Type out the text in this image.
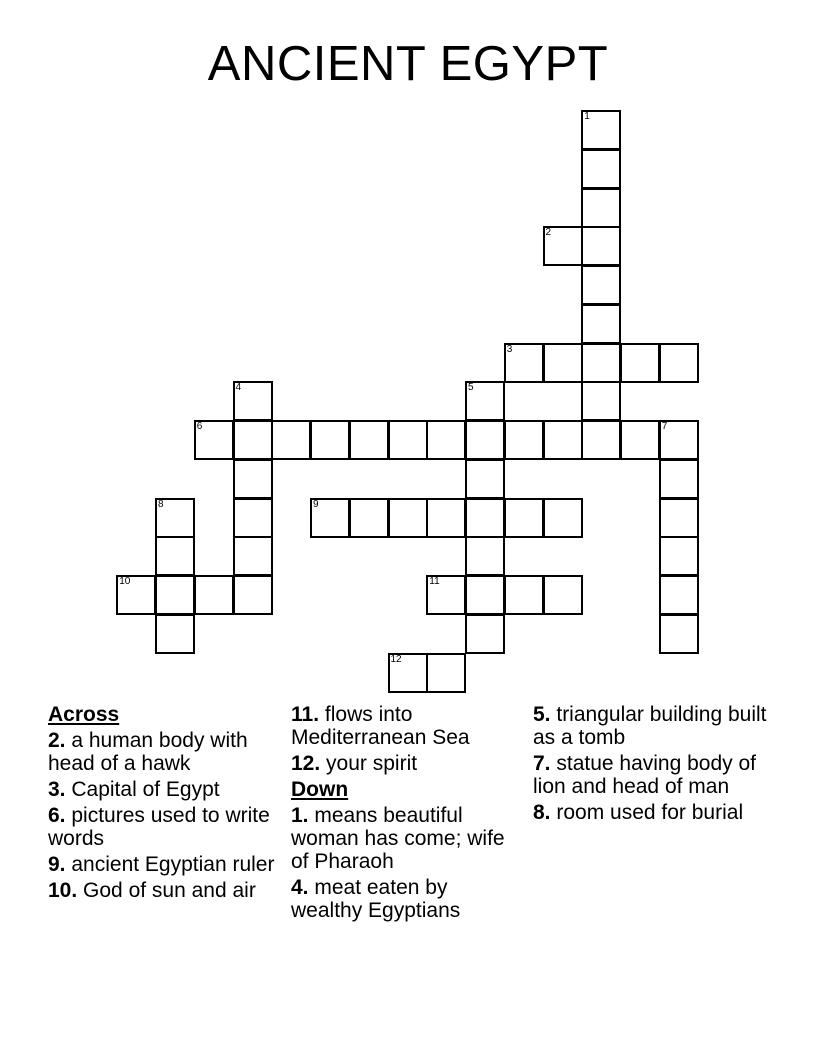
ANCIENT EGYPT
1
2
3
4	5
6	7
8	9
10	11
12
Across
2. a human body with head of a hawk
3. Capital of Egypt
6. pictures used to write words
9. ancient Egyptian ruler
10. God of sun and air
11. flows into Mediterranean Sea
12. your spirit
Down
1. means beautiful woman has come; wife of Pharaoh
4. meat eaten by wealthy Egyptians
5. triangular building built as a tomb
7. statue having body of lion and head of man
8. room used for burial
